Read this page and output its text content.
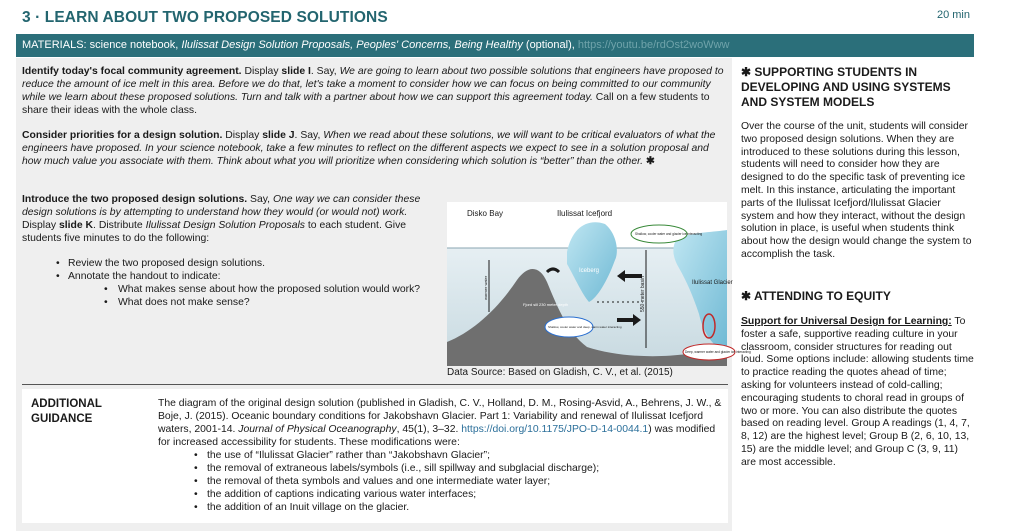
3 · LEARN ABOUT TWO PROPOSED SOLUTIONS	20 min
MATERIALS: science notebook, Ilulissat Design Solution Proposals, Peoples' Concerns, Being Healthy (optional), https://youtu.be/rdOst2woWww
Identify today's focal community agreement. Display slide I. Say, We are going to learn about two possible solutions that engineers have proposed to reduce the amount of ice melt in this area. Before we do that, let's take a moment to consider how we can focus on being committed to our community while we learn about these proposed solutions. Turn and talk with a partner about how we can support this agreement today. Call on a few students to share their ideas with the whole class.
Consider priorities for a design solution. Display slide J. Say, When we read about these solutions, we will want to be critical evaluators of what the engineers have proposed. In your science notebook, take a few minutes to reflect on the different aspects we expect to see in a solution proposal and how much value you associate with them. Think about what you will prioritize when considering which solution is “better” than the other. ✱
Introduce the two proposed design solutions. Say, One way we can consider these design solutions is by attempting to understand how they would (or would not) work. Display slide K. Distribute Ilulissat Design Solution Proposals to each student. Give students five minutes to do the following:
• Review the two proposed design solutions.
• Annotate the handout to indicate:
• What makes sense about how the proposed solution would work?
• What does not make sense?
Disko Bay	Ilulissat Icefjord
Iceberg
Ilulissat Glacier
warmer water
Fjord sill 230 meter depth	550 meter basin
Shallow, cooler water and glacier ice interacting
Shallow, cooler water and deep, warm water interacting
Deep, warmer water and glacier ice interacting
Data Source: Based on Gladish, C. V., et al. (2015)
ADDITIONAL GUIDANCE
The diagram of the original design solution (published in Gladish, C. V., Holland, D. M., Rosing-Asvid, A., Behrens, J. W., & Boje, J. (2015). Oceanic boundary conditions for Jakobshavn Glacier. Part 1: Variability and renewal of Ilulissat Icefjord waters, 2001-14. Journal of Physical Oceanography, 45(1), 3–32. https://doi.org/10.1175/JPO-D-14-0044.1) was modified for increased accessibility for students. These modifications were:
• the use of “Ilulissat Glacier” rather than “Jakobshavn Glacier”;
• the removal of extraneous labels/symbols (i.e., sill spillway and subglacial discharge);
• the removal of theta symbols and values and one intermediate water layer;
• the addition of captions indicating various water interfaces;
• the addition of an Inuit village on the glacier.
✱ SUPPORTING STUDENTS IN DEVELOPING AND USING SYSTEMS AND SYSTEM MODELS
Over the course of the unit, students will consider two proposed design solutions. When they are introduced to these solutions during this lesson, students will need to consider how they are designed to do the specific task of preventing ice melt. In this instance, articulating the important parts of the Ilulissat Icefjord/Ilulissat Glacier system and how they interact, without the design solution in place, is useful when students think about how the design would change the system to accomplish the task.
✱ ATTENDING TO EQUITY
Support for Universal Design for Learning: To foster a safe, supportive reading culture in your classroom, consider structures for reading out loud. Some options include: allowing students time to practice reading the quotes ahead of time; asking for volunteers instead of cold-calling; encouraging students to choral read in groups of two or more. You can also distribute the quotes based on reading level. Group A readings (1, 4, 7, 8, 12) are the highest level; Group B (2, 6, 10, 13, 15) are the middle level; and Group C (3, 9, 11) are most accessible.
